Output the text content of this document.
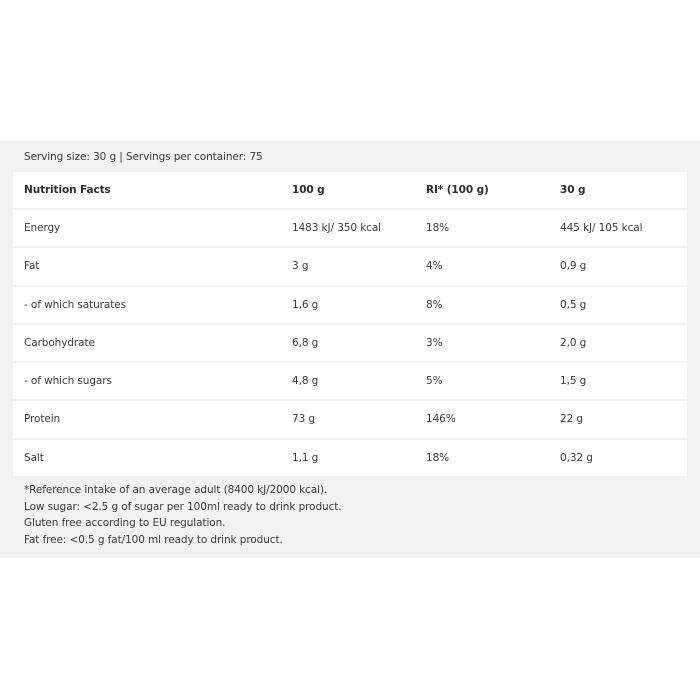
Serving size: 30 g | Servings per container: 75
Nutrition Facts	100 g	RI* (100 g)	30 g
Energy	1483 kJ/ 350 kcal	18%	445 kJ/ 105 kcal
Fat	3 g	4%	0,9 g
- of which saturates	1,6 g	8%	0,5 g
Carbohydrate	6,8 g	3%	2,0 g
- of which sugars	4,8 g	5%	1,5 g
Protein	73 g	146%	22 g
Salt	1,1 g	18%	0,32 g
*Reference intake of an average adult (8400 kJ/2000 kcal).
Low sugar: <2.5 g of sugar per 100ml ready to drink product.
Gluten free according to EU regulation.
Fat free: <0.5 g fat/100 ml ready to drink product.
